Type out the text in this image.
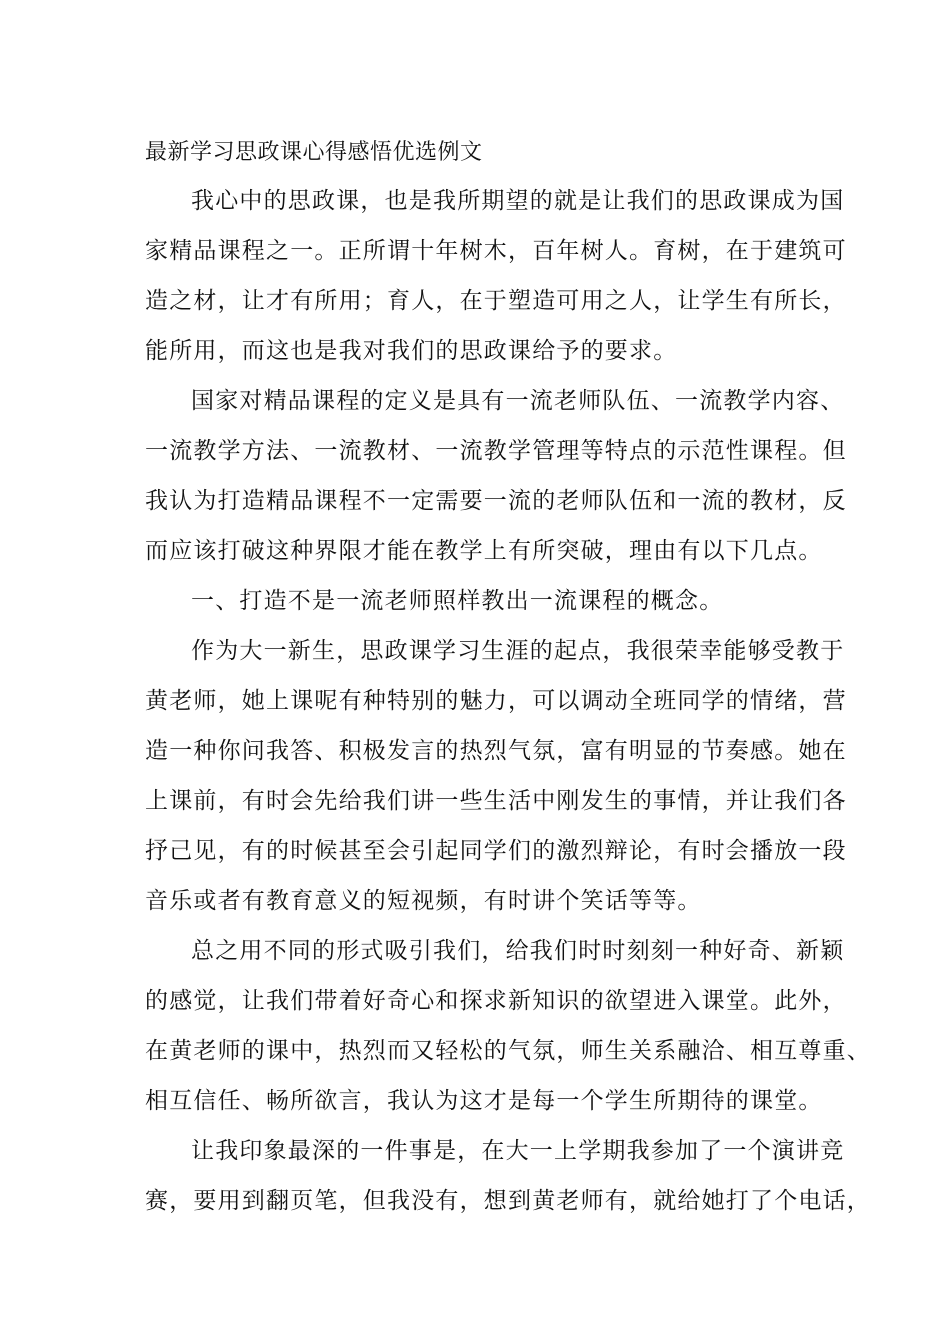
最新学习思政课心得感悟优选例文
我心中的思政课，也是我所期望的就是让我们的思政课成为国
家精品课程之一。正所谓十年树木，百年树人。育树，在于建筑可
造之材，让才有所用；育人，在于塑造可用之人，让学生有所长，
能所用，而这也是我对我们的思政课给予的要求。
国家对精品课程的定义是具有一流老师队伍、一流教学内容、
一流教学方法、一流教材、一流教学管理等特点的示范性课程。但
我认为打造精品课程不一定需要一流的老师队伍和一流的教材，反
而应该打破这种界限才能在教学上有所突破，理由有以下几点。
一、打造不是一流老师照样教出一流课程的概念。
作为大一新生，思政课学习生涯的起点，我很荣幸能够受教于
黄老师，她上课呢有种特别的魅力，可以调动全班同学的情绪，营
造一种你问我答、积极发言的热烈气氛，富有明显的节奏感。她在
上课前，有时会先给我们讲一些生活中刚发生的事情，并让我们各
抒己见，有的时候甚至会引起同学们的激烈辩论，有时会播放一段
音乐或者有教育意义的短视频，有时讲个笑话等等。
总之用不同的形式吸引我们，给我们时时刻刻一种好奇、新颖
的感觉，让我们带着好奇心和探求新知识的欲望进入课堂。此外，
在黄老师的课中，热烈而又轻松的气氛，师生关系融洽、相互尊重、
相互信任、畅所欲言，我认为这才是每一个学生所期待的课堂。
让我印象最深的一件事是，在大一上学期我参加了一个演讲竞
赛，要用到翻页笔，但我没有，想到黄老师有，就给她打了个电话，
